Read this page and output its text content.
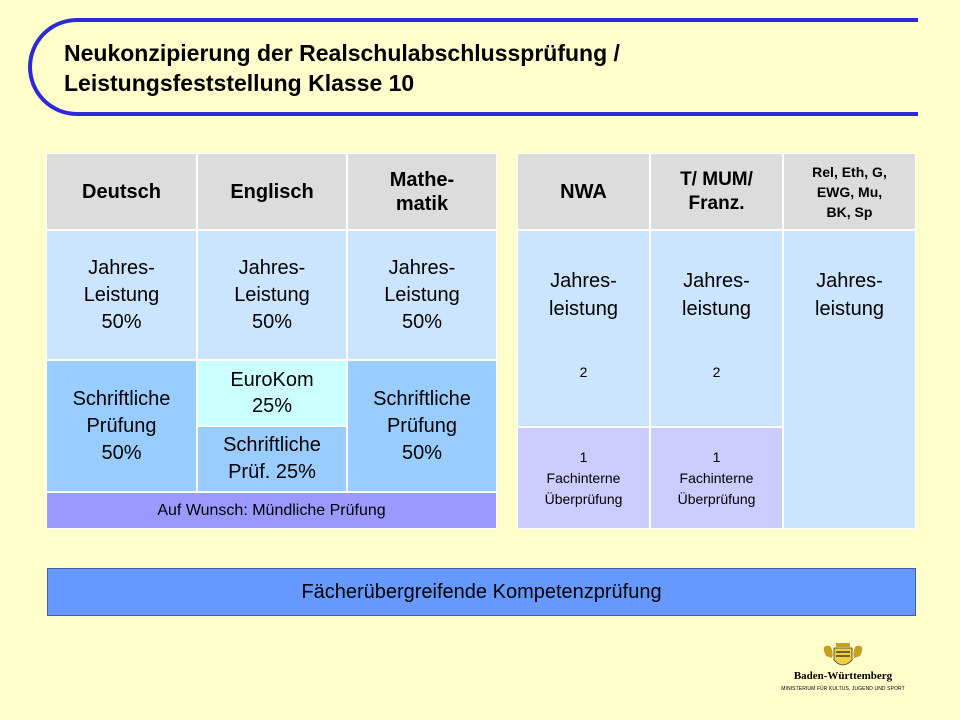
Neukonzipierung der Realschulabschlussprüfung /
Leistungsfeststellung Klasse 10
Deutsch	Englisch
Mathe-
matik
Jahres-
Leistung
50%
Jahres-
Leistung
50%
Jahres-
Leistung
50%
Schriftliche
Prüfung
50%
EuroKom
25%
Schriftliche
Prüf. 25%
Schriftliche
Prüfung
50%
Auf Wunsch: Mündliche Prüfung
NWA
T/ MUM/
Franz.
Rel, Eth, G,
EWG, Mu,
BK, Sp
Jahres-
leistung
2
Jahres-
leistung
2
Jahres-
leistung
1
Fachinterne
Überprüfung
1
Fachinterne
Überprüfung
Fächerübergreifende Kompetenzprüfung
Baden-Württemberg
MINISTERIUM FÜR KULTUS, JUGEND UND SPORT
